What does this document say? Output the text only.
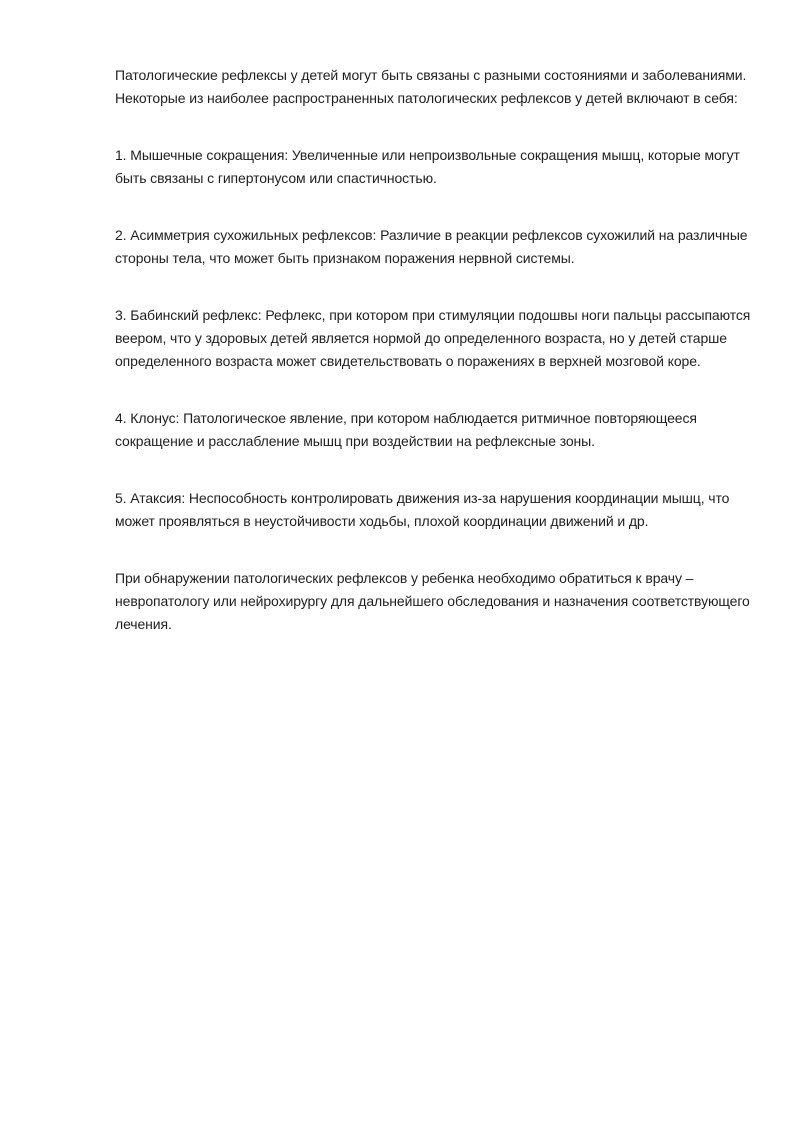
Патологические рефлексы у детей могут быть связаны с разными состояниями и заболеваниями. Некоторые из наиболее распространенных патологических рефлексов у детей включают в себя:

1. Мышечные сокращения: Увеличенные или непроизвольные сокращения мышц, которые могут быть связаны с гипертонусом или спастичностью.

2. Асимметрия сухожильных рефлексов: Различие в реакции рефлексов сухожилий на различные стороны тела, что может быть признаком поражения нервной системы.

3. Бабинский рефлекс: Рефлекс, при котором при стимуляции подошвы ноги пальцы рассыпаются веером, что у здоровых детей является нормой до определенного возраста, но у детей старше определенного возраста может свидетельствовать о поражениях в верхней мозговой коре.

4. Клонус: Патологическое явление, при котором наблюдается ритмичное повторяющееся сокращение и расслабление мышц при воздействии на рефлексные зоны.

5. Атаксия: Неспособность контролировать движения из-за нарушения координации мышц, что может проявляться в неустойчивости ходьбы, плохой координации движений и др.

При обнаружении патологических рефлексов у ребенка необходимо обратиться к врачу – невропатологу или нейрохирургу для дальнейшего обследования и назначения соответствующего лечения.
